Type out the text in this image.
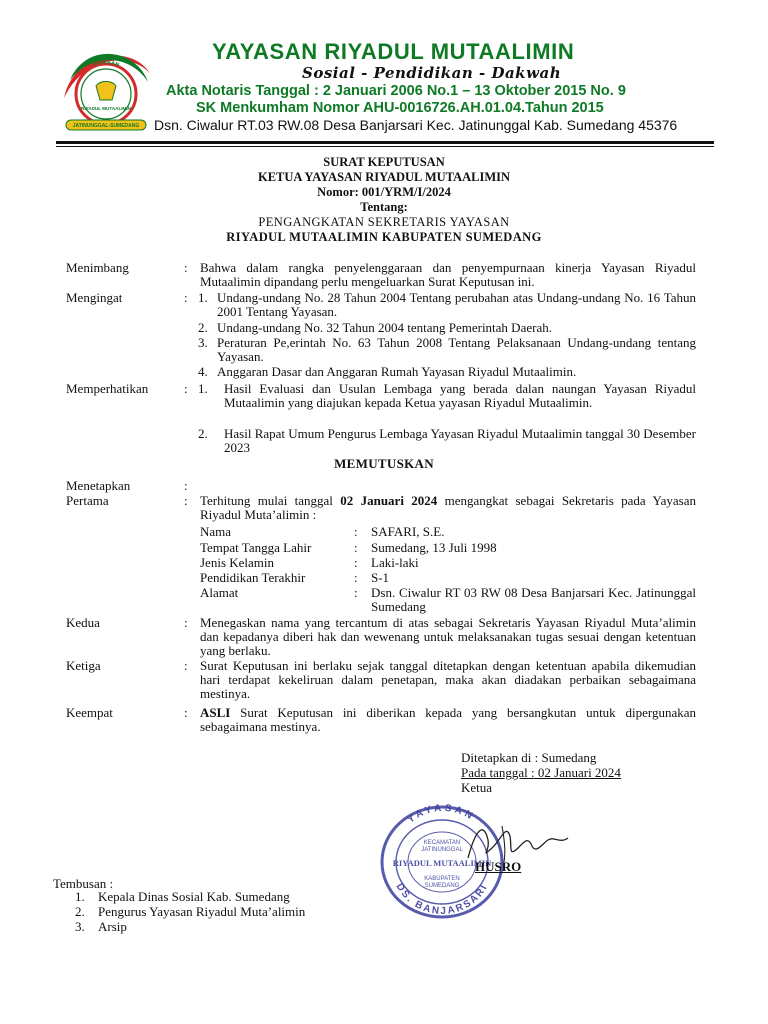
YAYASAN
RIYADUL MUTAALIMIN
JATINUNGGAL-SUMEDANG
YAYASAN RIYADUL MUTAALIMIN
Sosial - Pendidikan - Dakwah
Akta Notaris Tanggal : 2 Januari 2006 No.1 – 13 Oktober 2015 No. 9
SK Menkumham Nomor AHU-0016726.AH.01.04.Tahun 2015
Dsn. Ciwalur RT.03 RW.08 Desa Banjarsari Kec. Jatinunggal Kab. Sumedang 45376
SURAT KEPUTUSAN
KETUA YAYASAN RIYADUL MUTAALIMIN
Nomor: 001/YRM/I/2024
Tentang:
PENGANGKATAN SEKRETARIS YAYASAN
RIYADUL MUTAALIMIN KABUPATEN SUMEDANG
Menimbang	: Bahwa dalam rangka penyelenggaraan dan penyempurnaan kinerja Yayasan Riyadul Mutaalimin dipandang perlu mengeluarkan Surat Keputusan ini.
Mengingat	: 1. Undang-undang No. 28 Tahun 2004 Tentang perubahan atas Undang-undang No. 16 Tahun 2001 Tentang Yayasan.
2. Undang-undang No. 32 Tahun 2004 tentang Pemerintah Daerah.
3. Peraturan Pe,erintah No. 63 Tahun 2008 Tentang Pelaksanaan Undang-undang tentang Yayasan.
4. Anggaran Dasar dan Anggaran Rumah Yayasan Riyadul Mutaalimin.
Memperhatikan	: 1. Hasil Evaluasi dan Usulan Lembaga yang berada dalan naungan Yayasan Riyadul Mutaalimin yang diajukan kepada Ketua yayasan Riyadul Mutaalimin.
2. Hasil Rapat Umum Pengurus Lembaga Yayasan Riyadul Mutaalimin tanggal 30 Desember 2023
MEMUTUSKAN
Menetapkan	:
Pertama	: Terhitung mulai tanggal 02 Januari 2024 mengangkat sebagai Sekretaris pada Yayasan Riyadul Muta’alimin :
Nama	: SAFARI, S.E.
Tempat Tangga Lahir	: Sumedang, 13 Juli 1998
Jenis Kelamin	: Laki-laki
Pendidikan Terakhir	: S-1
Alamat	: Dsn. Ciwalur RT 03 RW 08 Desa Banjarsari Kec. Jatinunggal Sumedang
Kedua	: Menegaskan nama yang tercantum di atas sebagai Sekretaris Yayasan Riyadul Muta’alimin dan kepadanya diberi hak dan wewenang untuk melaksanakan tugas sesuai dengan ketentuan yang berlaku.
Ketiga	: Surat Keputusan ini berlaku sejak tanggal ditetapkan dengan ketentuan apabila dikemudian hari terdapat kekeliruan dalam penetapan, maka akan diadakan perbaikan sebagaimana mestinya.
Keempat	: ASLI Surat Keputusan ini diberikan kepada yang bersangkutan untuk dipergunakan sebagaimana mestinya.
Ditetapkan di : Sumedang
Pada tanggal : 02 Januari 2024
Ketua
YAYASAN
DS. BANJARSARI
KECAMATAN
JATINUNGGAL
RIYADUL MUTAALIMIN
KABUPATEN
SUMEDANG
HUSRO
Tembusan :
1. Kepala Dinas Sosial Kab. Sumedang
2. Pengurus Yayasan Riyadul Muta’alimin
3. Arsip
